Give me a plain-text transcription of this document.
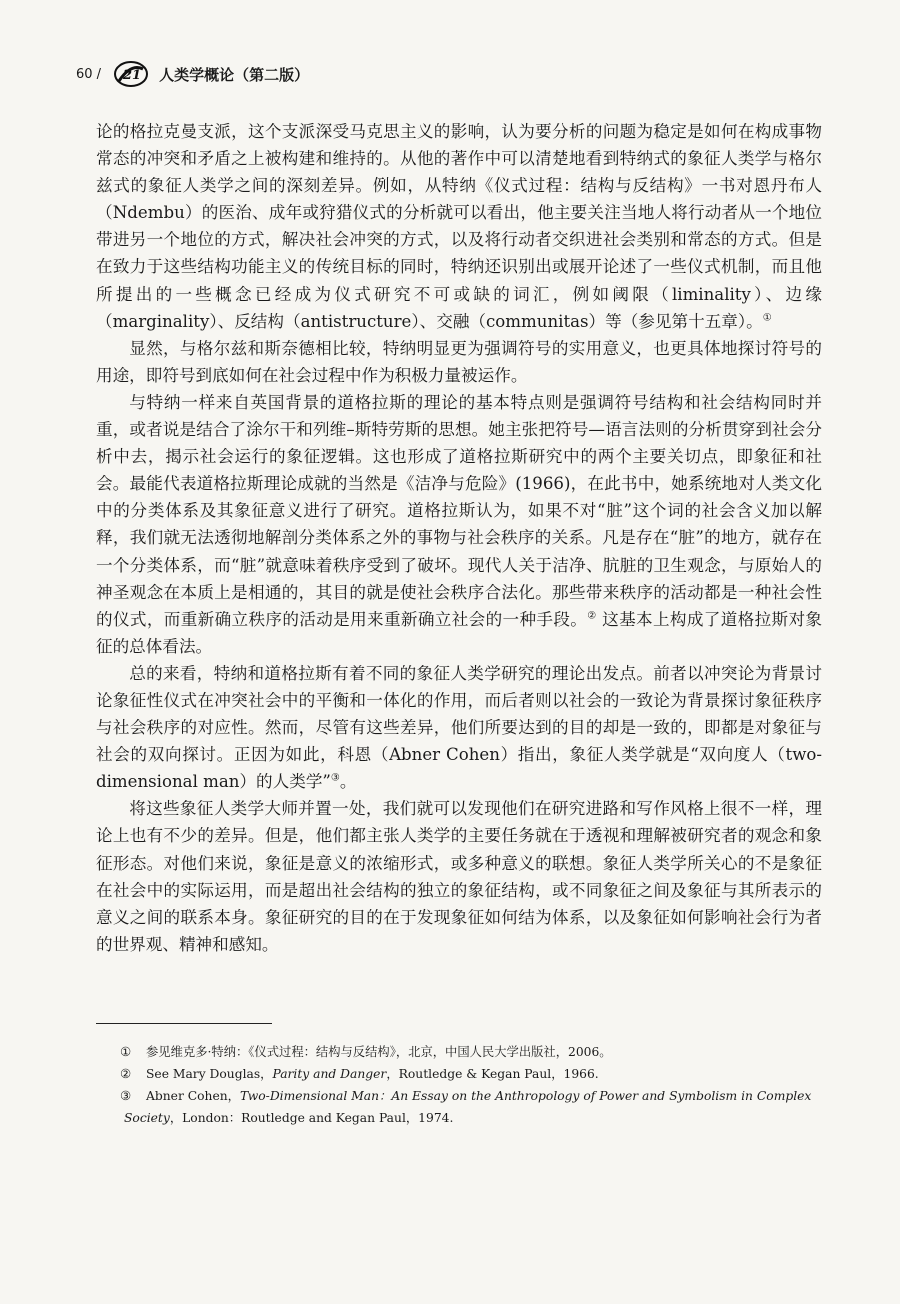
60 / 21 人类学概论（第二版）

论的格拉克曼支派，这个支派深受马克思主义的影响，认为要分析的问题为稳定是如何在构成事物常态的冲突和矛盾之上被构建和维持的。从他的著作中可以清楚地看到特纳式的象征人类学与格尔兹式的象征人类学之间的深刻差异。例如，从特纳《仪式过程：结构与反结构》一书对恩丹布人（Ndembu）的医治、成年或狩猎仪式的分析就可以看出，他主要关注当地人将行动者从一个地位带进另一个地位的方式，解决社会冲突的方式，以及将行动者交织进社会类别和常态的方式。但是在致力于这些结构功能主义的传统目标的同时，特纳还识别出或展开论述了一些仪式机制，而且他所提出的一些概念已经成为仪式研究不可或缺的词汇，例如阈限（liminality）、边缘（marginality）、反结构（antistructure）、交融（communitas）等（参见第十五章）。①

显然，与格尔兹和斯奈德相比较，特纳明显更为强调符号的实用意义，也更具体地探讨符号的用途，即符号到底如何在社会过程中作为积极力量被运作。

与特纳一样来自英国背景的道格拉斯的理论的基本特点则是强调符号结构和社会结构同时并重，或者说是结合了涂尔干和列维–斯特劳斯的思想。她主张把符号—语言法则的分析贯穿到社会分析中去，揭示社会运行的象征逻辑。这也形成了道格拉斯研究中的两个主要关切点，即象征和社会。最能代表道格拉斯理论成就的当然是《洁净与危险》(1966)，在此书中，她系统地对人类文化中的分类体系及其象征意义进行了研究。道格拉斯认为，如果不对“脏”这个词的社会含义加以解释，我们就无法透彻地解剖分类体系之外的事物与社会秩序的关系。凡是存在“脏”的地方，就存在一个分类体系，而“脏”就意味着秩序受到了破坏。现代人关于洁净、肮脏的卫生观念，与原始人的神圣观念在本质上是相通的，其目的就是使社会秩序合法化。那些带来秩序的活动都是一种社会性的仪式，而重新确立秩序的活动是用来重新确立社会的一种手段。② 这基本上构成了道格拉斯对象征的总体看法。

总的来看，特纳和道格拉斯有着不同的象征人类学研究的理论出发点。前者以冲突论为背景讨论象征性仪式在冲突社会中的平衡和一体化的作用，而后者则以社会的一致论为背景探讨象征秩序与社会秩序的对应性。然而，尽管有这些差异，他们所要达到的目的却是一致的，即都是对象征与社会的双向探讨。正因为如此，科恩（Abner Cohen）指出，象征人类学就是“双向度人（two-dimensional man）的人类学”③。

将这些象征人类学大师并置一处，我们就可以发现他们在研究进路和写作风格上很不一样，理论上也有不少的差异。但是，他们都主张人类学的主要任务就在于透视和理解被研究者的观念和象征形态。对他们来说，象征是意义的浓缩形式，或多种意义的联想。象征人类学所关心的不是象征在社会中的实际运用，而是超出社会结构的独立的象征结构，或不同象征之间及象征与其所表示的意义之间的联系本身。象征研究的目的在于发现象征如何结为体系，以及象征如何影响社会行为者的世界观、精神和感知。

① 参见维克多·特纳：《仪式过程：结构与反结构》，北京，中国人民大学出版社，2006。

② See Mary Douglas，Parity and Danger，Routledge & Kegan Paul，1966.

③ Abner Cohen，Two-Dimensional Man：An Essay on the Anthropology of Power and Symbolism in Complex Society，London：Routledge and Kegan Paul，1974.
